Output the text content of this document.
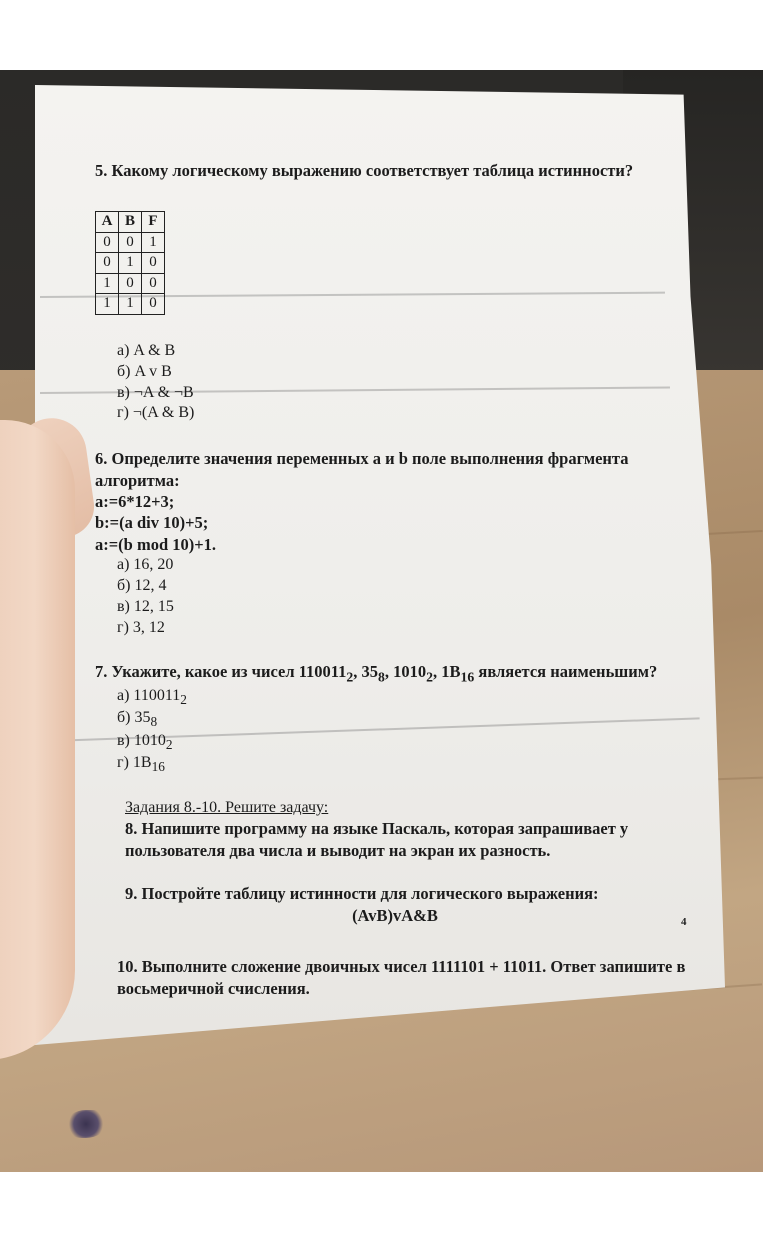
5. Какому логическому выражению соответствует таблица истинности?

A	B	F
0	0	1
0	1	0
1	0	0
1	1	0

а) A & B

б) A v B

в) ¬A & ¬B

г) ¬(A & B)

6. Определите значения переменных a и b поле выполнения фрагмента алгоритма:

a:=6*12+3;

b:=(a div 10)+5;

a:=(b mod 10)+1.

а) 16, 20

б) 12, 4

в) 12, 15

г) 3, 12

7. Укажите, какое из чисел $110011_2$, $35_8$, $1010_2$, $1B_{16}$ является наименьшим?

а) $110011_2$

б) $35_8$

в) $1010_2$

г) $1B_{16}$

Задания 8.-10. Решите задачу:

8. Напишите программу на языке Паскаль, которая запрашивает у пользователя два числа и выводит на экран их разность.

9. Постройте таблицу истинности для логического выражения:

(AvB)vA&B

10. Выполните сложение двоичных чисел 1111101 + 11011. Ответ запишите в восьмеричной счисления.

4
